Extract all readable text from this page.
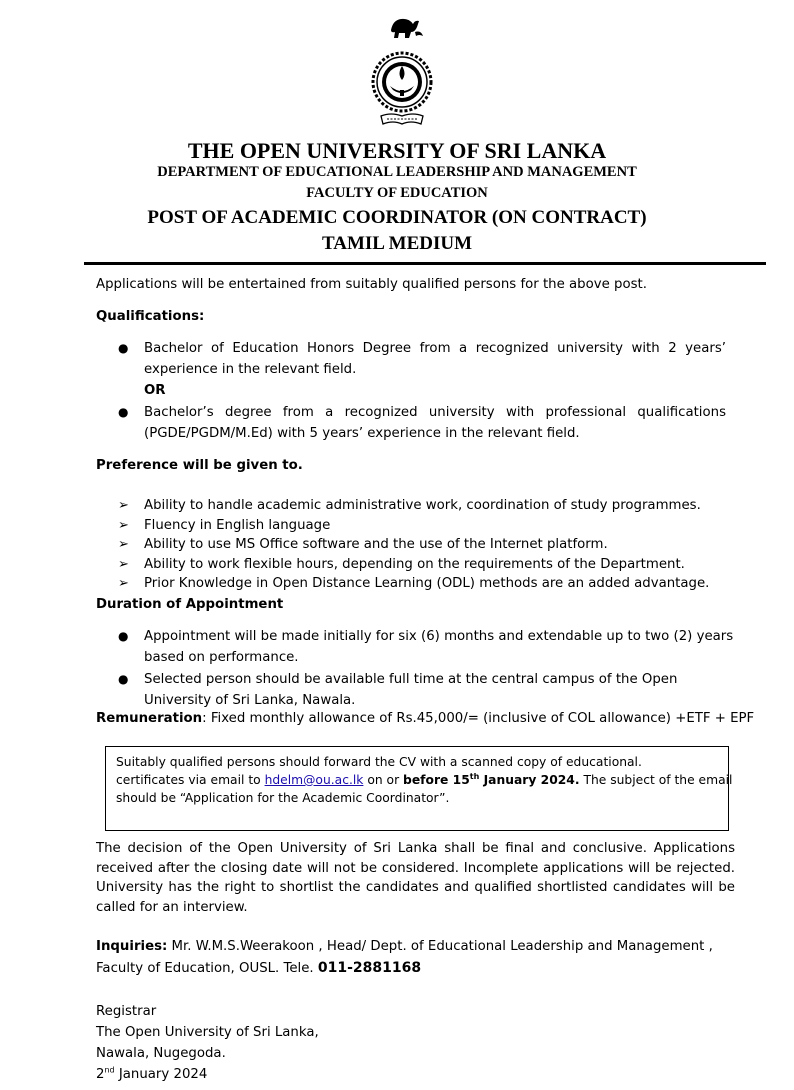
THE OPEN UNIVERSITY OF SRI LANKA
DEPARTMENT OF EDUCATIONAL LEADERSHIP AND MANAGEMENT
FACULTY OF EDUCATION
POST OF ACADEMIC COORDINATOR (ON CONTRACT)
TAMIL MEDIUM
Applications will be entertained from suitably qualified persons for the above post.
Qualifications:
● Bachelor of Education Honors Degree from a recognized university with 2 years’
experience in the relevant field.
OR
● Bachelor’s degree from a recognized university with professional qualifications
(PGDE/PGDM/M.Ed) with 5 years’ experience in the relevant field.
Preference will be given to.
➢ Ability to handle academic administrative work, coordination of study programmes.
➢ Fluency in English language
➢ Ability to use MS Office software and the use of the Internet platform.
➢ Ability to work flexible hours, depending on the requirements of the Department.
➢ Prior Knowledge in Open Distance Learning (ODL) methods are an added advantage.
Duration of Appointment
● Appointment will be made initially for six (6) months and extendable up to two (2) years
based on performance.
● Selected person should be available full time at the central campus of the Open
University of Sri Lanka, Nawala.
Remuneration: Fixed monthly allowance of Rs.45,000/= (inclusive of COL allowance) +ETF + EPF
Suitably qualified persons should forward the CV with a scanned copy of educational.
certificates via email to hdelm@ou.ac.lk on or before 15th January 2024. The subject of the email
should be “Application for the Academic Coordinator”.
The decision of the Open University of Sri Lanka shall be final and conclusive. Applications
received after the closing date will not be considered. Incomplete applications will be rejected.
University has the right to shortlist the candidates and qualified shortlisted candidates will be
called for an interview.
Inquiries: Mr. W.M.S.Weerakoon , Head/ Dept. of Educational Leadership and Management ,
Faculty of Education, OUSL. Tele. 011-2881168
Registrar
The Open University of Sri Lanka,
Nawala, Nugegoda.
2nd January 2024
